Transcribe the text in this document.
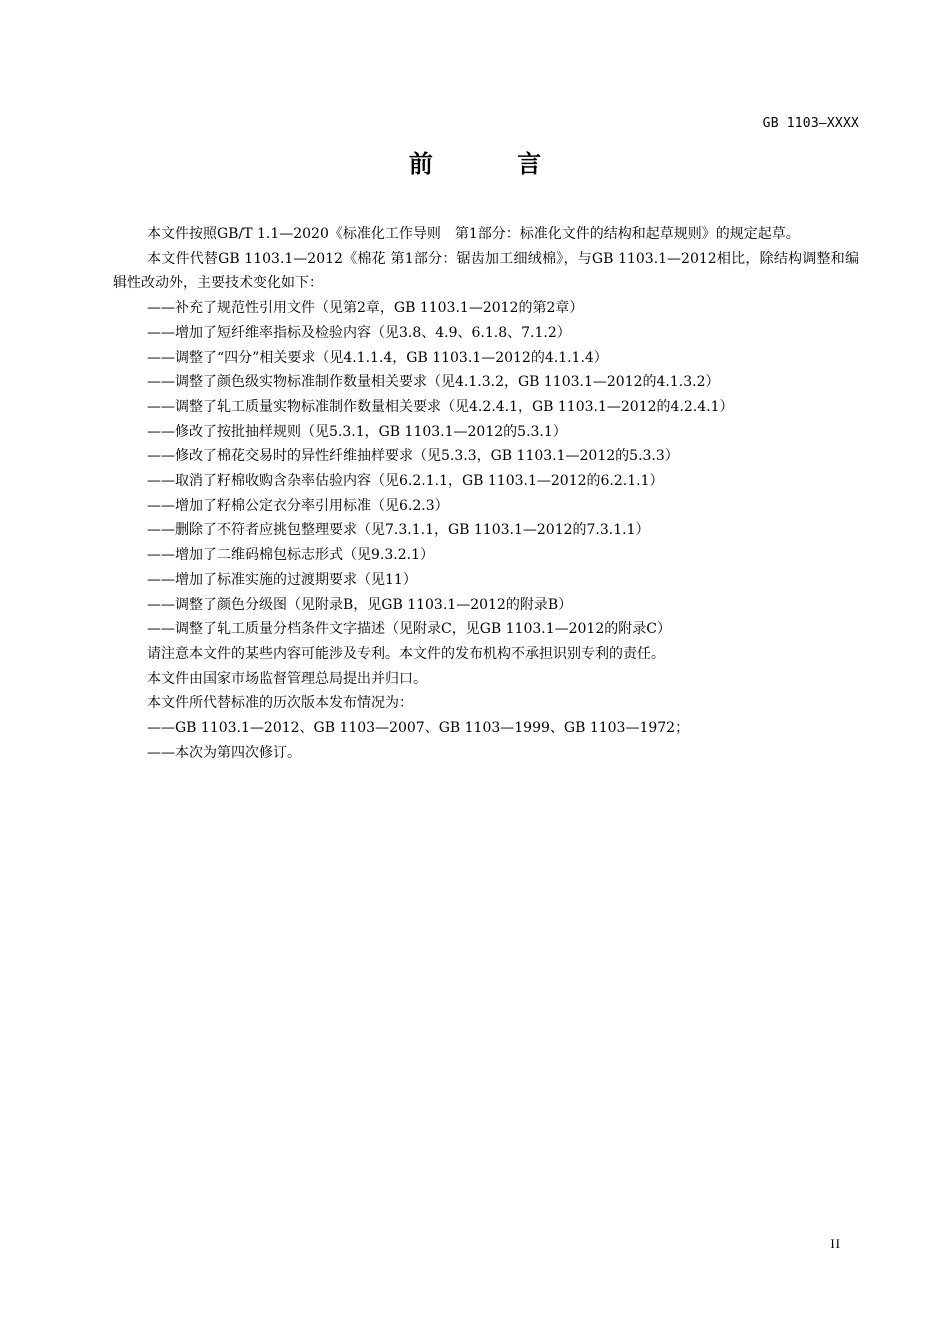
GB 1103—XXXX
前 言

本文件按照GB/T 1.1—2020《标准化工作导则　第1部分：标准化文件的结构和起草规则》的规定起草。

本文件代替GB 1103.1—2012《棉花 第1部分：锯齿加工细绒棉》，与GB 1103.1—2012相比，除结构调整和编辑性改动外，主要技术变化如下：

——补充了规范性引用文件（见第2章，GB 1103.1—2012的第2章）

——增加了短纤维率指标及检验内容（见3.8、4.9、6.1.8、7.1.2）

——调整了“四分”相关要求（见4.1.1.4，GB 1103.1—2012的4.1.1.4）

——调整了颜色级实物标准制作数量相关要求（见4.1.3.2，GB 1103.1—2012的4.1.3.2）

——调整了轧工质量实物标准制作数量相关要求（见4.2.4.1，GB 1103.1—2012的4.2.4.1）

——修改了按批抽样规则（见5.3.1，GB 1103.1—2012的5.3.1）

——修改了棉花交易时的异性纤维抽样要求（见5.3.3，GB 1103.1—2012的5.3.3）

——取消了籽棉收购含杂率估验内容（见6.2.1.1，GB 1103.1—2012的6.2.1.1）

——增加了籽棉公定衣分率引用标准（见6.2.3）

——删除了不符者应挑包整理要求（见7.3.1.1，GB 1103.1—2012的7.3.1.1）

——增加了二维码棉包标志形式（见9.3.2.1）

——增加了标准实施的过渡期要求（见11）

——调整了颜色分级图（见附录B，见GB 1103.1—2012的附录B）

——调整了轧工质量分档条件文字描述（见附录C，见GB 1103.1—2012的附录C）

请注意本文件的某些内容可能涉及专利。本文件的发布机构不承担识别专利的责任。

本文件由国家市场监督管理总局提出并归口。

本文件所代替标准的历次版本发布情况为：

——GB 1103.1—2012、GB 1103—2007、GB 1103—1999、GB 1103—1972；

——本次为第四次修订。

II
